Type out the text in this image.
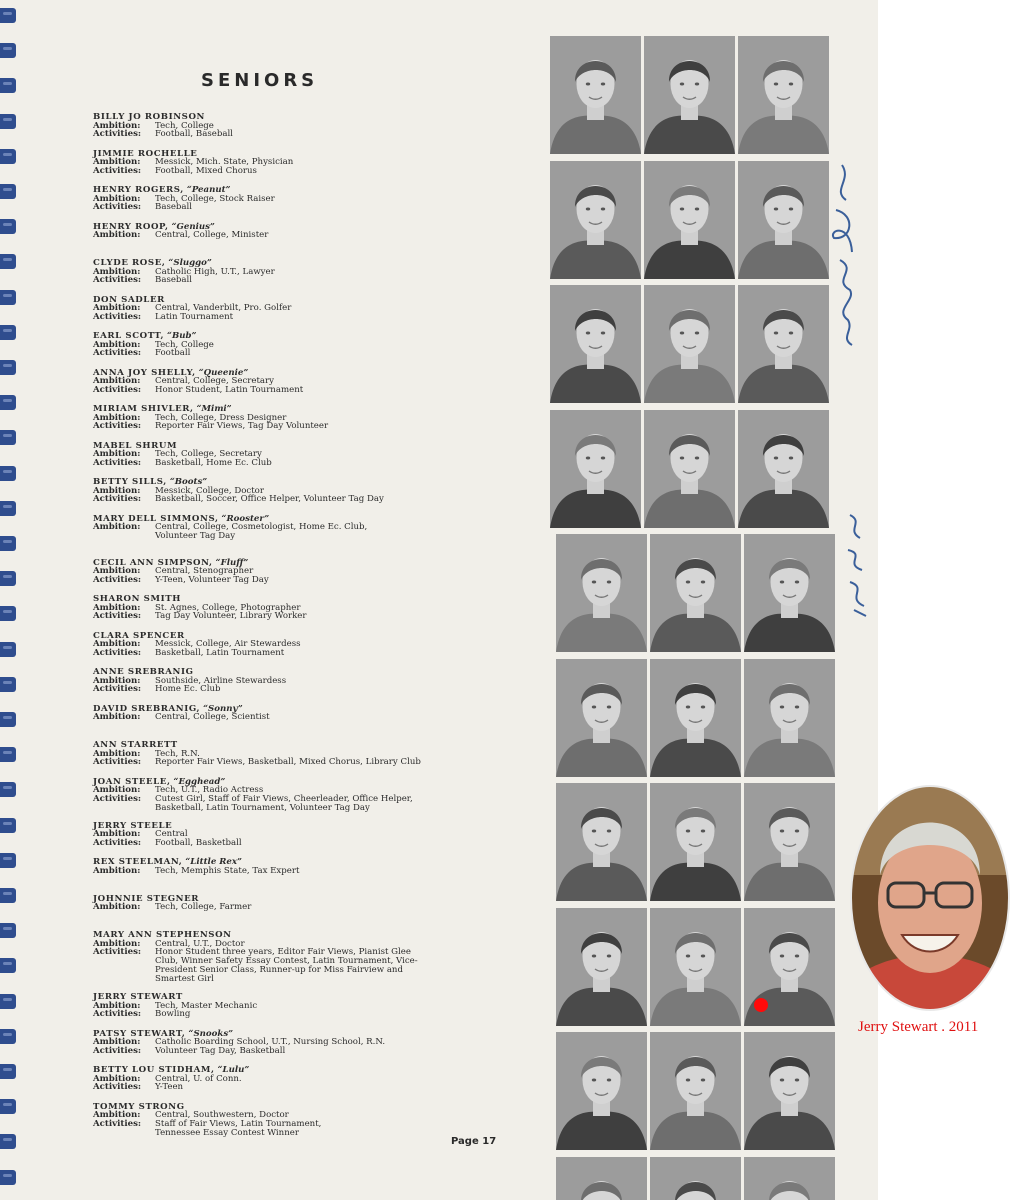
SENIORS
BILLY JO ROBINSON
Ambition: Tech, College
Activities: Football, Baseball
JIMMIE ROCHELLE
Ambition: Messick, Mich. State, Physician
Activities: Football, Mixed Chorus
HENRY ROGERS, “Peanut”
Ambition: Tech, College, Stock Raiser
Activities: Baseball
HENRY ROOP, “Genius”
Ambition: Central, College, Minister
CLYDE ROSE, “Sluggo”
Ambition: Catholic High, U.T., Lawyer
Activities: Baseball
DON SADLER
Ambition: Central, Vanderbilt, Pro. Golfer
Activities: Latin Tournament
EARL SCOTT, “Bub”
Ambition: Tech, College
Activities: Football
ANNA JOY SHELLY, “Queenie”
Ambition: Central, College, Secretary
Activities: Honor Student, Latin Tournament
MIRIAM SHIVLER, “Mimi”
Ambition: Tech, College, Dress Designer
Activities: Reporter Fair Views, Tag Day Volunteer
MABEL SHRUM
Ambition: Tech, College, Secretary
Activities: Basketball, Home Ec. Club
BETTY SILLS, “Boots”
Ambition: Messick, College, Doctor
Activities: Basketball, Soccer, Office Helper, Volunteer Tag Day
MARY DELL SIMMONS, “Rooster”
Ambition: Central, College, Cosmetologist, Home Ec. Club,
Volunteer Tag Day
CECIL ANN SIMPSON, “Fluff”
Ambition: Central, Stenographer
Activities: Y-Teen, Volunteer Tag Day
SHARON SMITH
Ambition: St. Agnes, College, Photographer
Activities: Tag Day Volunteer, Library Worker
CLARA SPENCER
Ambition: Messick, College, Air Stewardess
Activities: Basketball, Latin Tournament
ANNE SREBRANIG
Ambition: Southside, Airline Stewardess
Activities: Home Ec. Club
DAVID SREBRANIG, “Sonny”
Ambition: Central, College, Scientist
ANN STARRETT
Ambition: Tech, R.N.
Activities: Reporter Fair Views, Basketball, Mixed Chorus, Library Club
JOAN STEELE, “Egghead”
Ambition: Tech, U.T., Radio Actress
Activities: Cutest Girl, Staff of Fair Views, Cheerleader, Office Helper,
Basketball, Latin Tournament, Volunteer Tag Day
JERRY STEELE
Ambition: Central
Activities: Football, Basketball
REX STEELMAN, “Little Rex”
Ambition: Tech, Memphis State, Tax Expert
JOHNNIE STEGNER
Ambition: Tech, College, Farmer
MARY ANN STEPHENSON
Ambition: Central, U.T., Doctor
Activities: Honor Student three years, Editor Fair Views, Pianist Glee
Club, Winner Safety Essay Contest, Latin Tournament, Vice-
President Senior Class, Runner-up for Miss Fairview and
Smartest Girl
JERRY STEWART
Ambition: Tech, Master Mechanic
Activities: Bowling
PATSY STEWART, “Snooks”
Ambition: Catholic Boarding School, U.T., Nursing School, R.N.
Activities: Volunteer Tag Day, Basketball
BETTY LOU STIDHAM, “Lulu”
Ambition: Central, U. of Conn.
Activities: Y-Teen
TOMMY STRONG
Ambition: Central, Southwestern, Doctor
Activities: Staff of Fair Views, Latin Tournament,
Tennessee Essay Contest Winner
Page 17
Jerry Stewart . 2011
